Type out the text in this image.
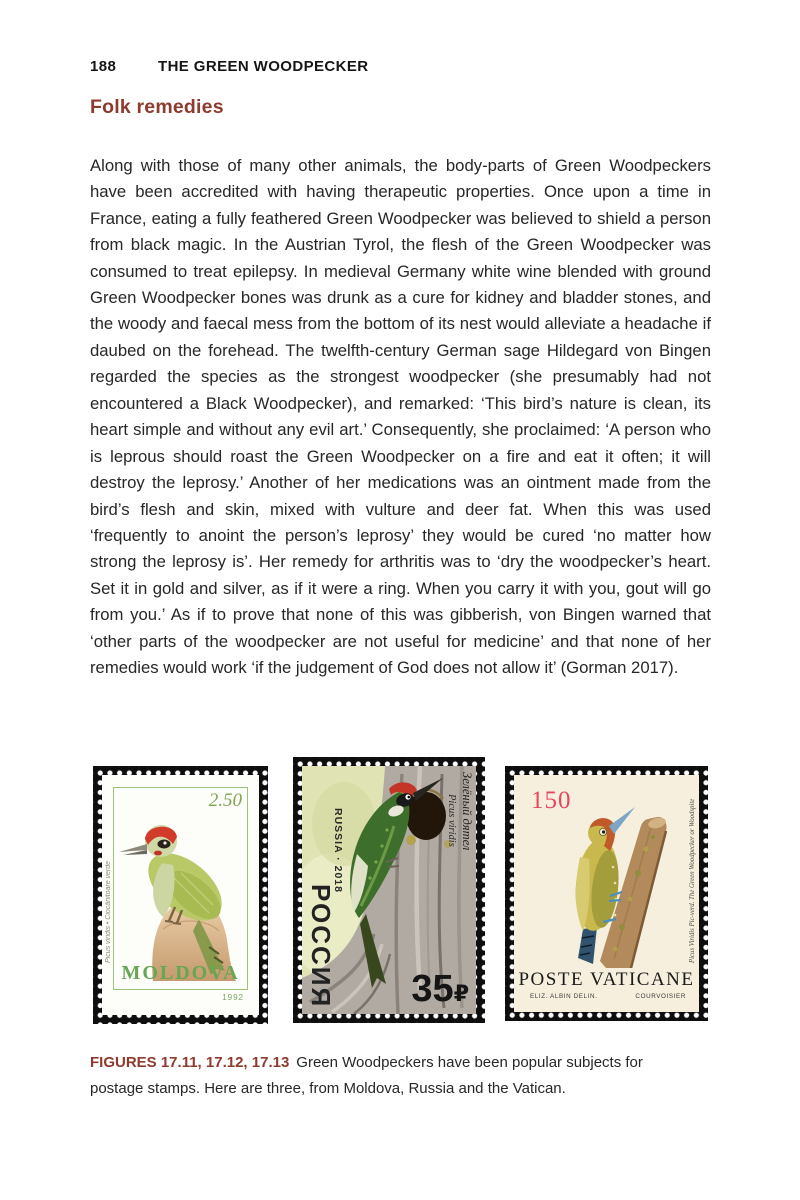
188	THE GREEN WOODPECKER
Folk remedies

Along with those of many other animals, the body-parts of Green Woodpeckers have been accredited with having therapeutic properties. Once upon a time in France, eating a fully feathered Green Woodpecker was believed to shield a person from black magic. In the Austrian Tyrol, the flesh of the Green Woodpecker was consumed to treat epilepsy. In medieval Germany white wine blended with ground Green Woodpecker bones was drunk as a cure for kidney and bladder stones, and the woody and faecal mess from the bottom of its nest would alleviate a headache if daubed on the forehead. The twelfth-century German sage Hildegard von Bingen regarded the species as the strongest woodpecker (she presumably had not encountered a Black Woodpecker), and remarked: ‘This bird’s nature is clean, its heart simple and without any evil art.’ Consequently, she proclaimed: ‘A person who is leprous should roast the Green Woodpecker on a fire and eat it often; it will destroy the leprosy.’ Another of her medications was an ointment made from the bird’s flesh and skin, mixed with vulture and deer fat. When this was used ‘frequently to anoint the person’s leprosy’ they would be cured ‘no matter how strong the leprosy is’. Her remedy for arthritis was to ‘dry the woodpecker’s heart. Set it in gold and silver, as if it were a ring. When you carry it with you, gout will go from you.’ As if to prove that none of this was gibberish, von Bingen warned that ‘other parts of the woodpecker are not useful for medicine’ and that none of her remedies would work ‘if the judgement of God does not allow it’ (Gorman 2017).

2.50
Picus viridis • Ciocănitoare verde
MOLDOVA
1992
Зелёный дятел
Picus viridis
RUSSIA · 2018
РОССИЯ 35₽
150	Picus Viridis Pic-verd. The Green Woodpecker or Woodspite
POSTE VATICANE
ELIZ. ALBIN DELIN.	COURVOISIER

FIGURES 17.11, 17.12, 17.13 Green Woodpeckers have been popular subjects for postage stamps. Here are three, from Moldova, Russia and the Vatican.
